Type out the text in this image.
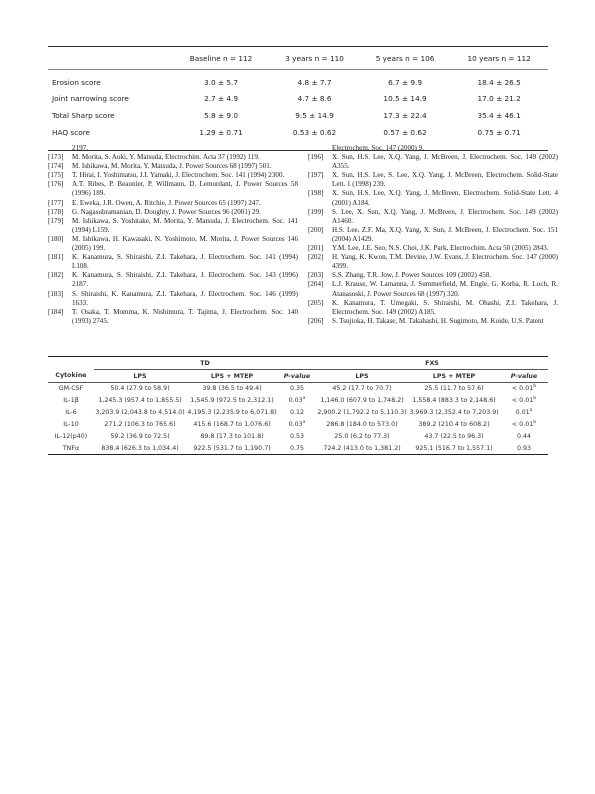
	Baseline n = 112	3 years n = 110	5 years n = 106	10 years n = 112
Erosion score	3.0 ± 5.7	4.8 ± 7.7	6.7 ± 9.9	18.4 ± 26.5
Joint narrowing score	2.7 ± 4.9	4.7 ± 8.6	10.5 ± 14.9	17.0 ± 21.2
Total Sharp score	5.8 ± 9.0	9.5 ± 14.9	17.3 ± 22.4	35.4 ± 46.1
HAQ score	1.29 ± 0.71	0.53 ± 0.62	0.57 ± 0.62	0.75 ± 0.71
2197.
[173] M. Morita, S. Aoki, Y. Matsuda, Electrochim. Acta 37 (1992) 119.
[174] M. Ishikawa, M. Morita, Y. Matsuda, J. Power Sources 68 (1997) 501.
[175] T. Hirai, I. Yoshimatsu, J.I. Yamaki, J. Electrochem. Soc. 141 (1994) 2300.
[176] A.T. Ribes, P. Beaunier, P. Willmann, D. Lemordant, J. Power Sources 58 (1996) 189.
[177] E. Eweka, J.R. Owen, A. Ritchie, J. Power Sources 65 (1997) 247.
[178] G. Nagasubramanian, D. Doughty, J. Power Sources 96 (2001) 29.
[179] M. Ishikawa, S. Yoshitake, M. Morita, Y. Matsuda, J. Electrochem. Soc. 141 (1994) L159.
[180] M. Ishikawa, H. Kawasaki, N. Yoshimoto, M. Morita, J. Power Sources 146 (2005) 199.
[181] K. Kanamura, S. Shiraishi, Z.I. Takehara, J. Electrochem. Soc. 141 (1994) L108.
[182] K. Kanamura, S. Shiraishi, Z.I. Takehara, J. Electrochem. Soc. 143 (1996) 2187.
[183] S. Shiraishi, K. Kanamura, Z.I. Takehara, J. Electrochem. Soc. 146 (1999) 1633.
[184] T. Osaka, T. Momma, K. Nishimura, T. Tajima, J. Electrochem. Soc. 140 (1993) 2745.
Electrochem. Soc. 147 (2000) 9.
[196] X. Sun, H.S. Lee, X.Q. Yang, J. McBreen, J. Electrochem. Soc. 149 (2002) A355.
[197] X. Sun, H.S. Lee, S. Lee, X.Q. Yang, J. McBreen, Electrochem. Solid-State Lett. 1 (1998) 239.
[198] X. Sun, H.S. Lee, X.Q. Yang, J. McBreen, Electrochem. Solid-State Lett. 4 (2001) A184.
[199] S. Lee, X. Sun, X.Q. Yang, J. McBreen, J. Electrochem. Soc. 149 (2002) A1460.
[200] H.S. Lee, Z.F. Ma, X.Q. Yang, X. Sun, J. McBreen, J. Electrochem. Soc. 151 (2004) A1429.
[201] Y.M. Lee, J.E. Seo, N.S. Choi, J.K. Park, Electrochim. Acta 50 (2005) 2843.
[202] H. Yang, K. Kwon, T.M. Devine, J.W. Evans, J. Electrochem. Soc. 147 (2000) 4399.
[203] S.S. Zhang, T.R. Jow, J. Power Sources 109 (2002) 458.
[204] L.J. Krause, W. Lamanna, J. Summerfield, M. Engle, G. Korba, R. Loch, R. Atanasoski, J. Power Sources 68 (1997) 320.
[205] K. Kanamura, T. Umegaki, S. Shiraishi, M. Ohashi, Z.I. Takehara, J. Electrochem. Soc. 149 (2002) A185.
[206] S. Tsujioka, H. Takase, M. Takahashi, H. Sugimoto, M. Koide, U.S. Patent
	TD			FXS		
Cytokine	LPS	LPS + MTEP	P-value	LPS	LPS + MTEP	P-value
GM-CSF	50.4 (27.9 to 58.9)	39.8 (36.5 to 49.4)	0.35	45.2 (17.7 to 70.7)	25.5 (11.7 to 57.6)	< 0.01$^b$
IL-1β	1,245.3 (957.4 to 1,855.5)	1,545.9 (972.5 to 2,312.1)	0.03$^a$	1,146.0 (607.9 to 1,748.2)	1,558.4 (883.3 to 2,148.6)	< 0.01$^b$
IL-6	3,203.9 (2,043.8 to 4,514.0)	4,195.3 (2,235.9 to 6,071.8)	0.12	2,900.2 (1,792.2 to 5,110.3)	3,969.3 (2,352.4 to 7,203.9)	0.01$^a$
IL-10	271.2 (106.3 to 765.6)	415.6 (168.7 to 1,076.6)	0.03$^a$	286.8 (184.0 to 573.0)	389.2 (210.4 to 608.2)	< 0.01$^b$
IL-12(p40)	59.2 (36.9 to 72.5)	89.8 (17.3 to 101.8)	0.53	25.0 (6.2 to 77.3)	43.7 (22.5 to 96.3)	0.44
TNFα	838.4 (626.3 to 1,034.4)	922.5 (531.7 to 1,190.7)	0.75	724.2 (413.0 to 1,381.2)	925.1 (516.7 to 1,557.1)	0.93
